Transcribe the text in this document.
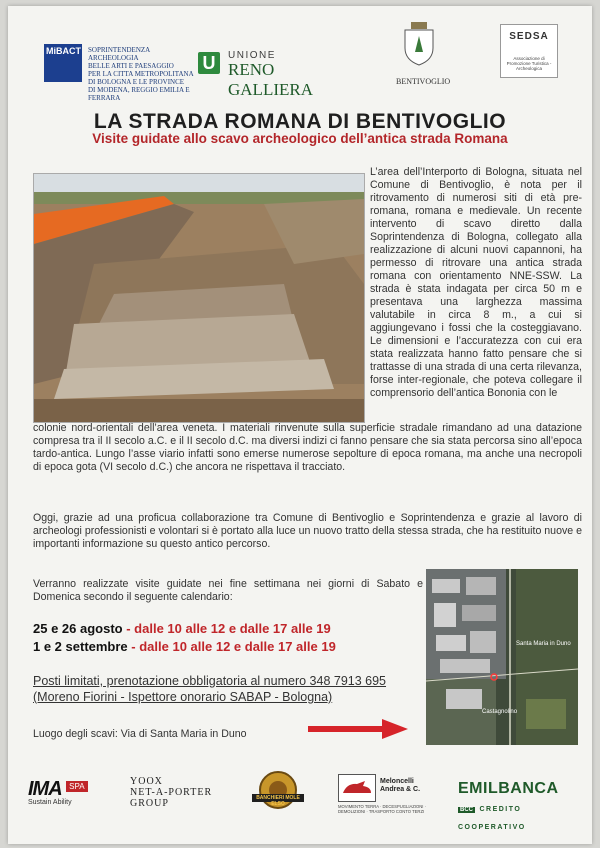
MiBACT SOPRINTENDENZA
ARCHEOLOGIA
BELLE ARTI E PAESAGGIO
PER LA CITTA METROPOLITANA
DI BOLOGNA E LE PROVINCE
DI MODENA, REGGIO EMILIA E FERRARA
U	UNIONE
RENO GALLIERA	BENTIVOGLIO
SEDSA
Associazione di Promozione Turistica - Archeologica
LA STRADA ROMANA DI BENTIVOGLIO
Visite guidate allo scavo archeologico dell’antica strada Romana
L’area dell’Interporto di Bologna, situata nel Comune di Bentivoglio, è nota per il ritrovamento di numerosi siti di età pre-romana, romana e medievale. Un recente intervento di scavo diretto dalla Soprintendenza di Bologna, collegato alla realizzazione di alcuni nuovi capannoni, ha permesso di ritrovare una antica strada romana con orientamento NNE-SSW. La strada è stata indagata per circa 50 m e presentava una larghezza massima valutabile in circa 8 m., a cui si aggiungevano i fossi che la costeggiavano. Le dimensioni e l’accuratezza con cui era stata realizzata hanno fatto pensare che si trattasse di una strada di una certa rilevanza, forse inter-regionale, che poteva collegare il comprensorio dell’antica Bononia con le
colonie nord-orientali dell’area veneta. I materiali rinvenute sulla superficie stradale rimandano ad una datazione compresa tra il II secolo a.C. e il II secolo d.C. ma diversi indizi ci fanno pensare che sia stata percorsa sino all’epoca tardo-antica. Lungo l’asse viario infatti sono emerse numerose sepolture di epoca romana, ma anche una necropoli di epoca gota (VI secolo d.C.) che ancora ne rispettava il tracciato.
Oggi, grazie ad una proficua collaborazione tra Comune di Bentivoglio e Soprintendenza e grazie al lavoro di archeologi professionisti e volontari si è portato alla luce un nuovo tratto della stessa strada, che ha restituito nuove e importanti informazione su questo antico percorso.
Verranno realizzate visite guidate nei fine settimana nei giorni di Sabato e Domenica secondo il seguente calendario:
25 e 26 agosto - dalle 10 alle 12 e dalle 17 alle 19
1 e 2 settembre - dalle 10 alle 12 e dalle 17 alle 19
Posti limitati, prenotazione obbligatoria al numero 348 7913 695
(Moreno Fiorini - Ispettore onorario SABAP - Bologna)
Luogo degli scavi: Via di Santa Maria in Duno
Santa Maria in Duno
Castagnolino
IMA SPA
Sustain Ability
YOOX
NET-A-PORTER
GROUP	BANCHIERI MOLE ELSO
Meloncelli
Andrea & C.
MOVIMENTO TERRA · DECESPUGLIAZIONI · DEMOLIZIONI · TRASPORTO CONTO TERZI
EMILBANCA
BCC CREDITO COOPERATIVO
